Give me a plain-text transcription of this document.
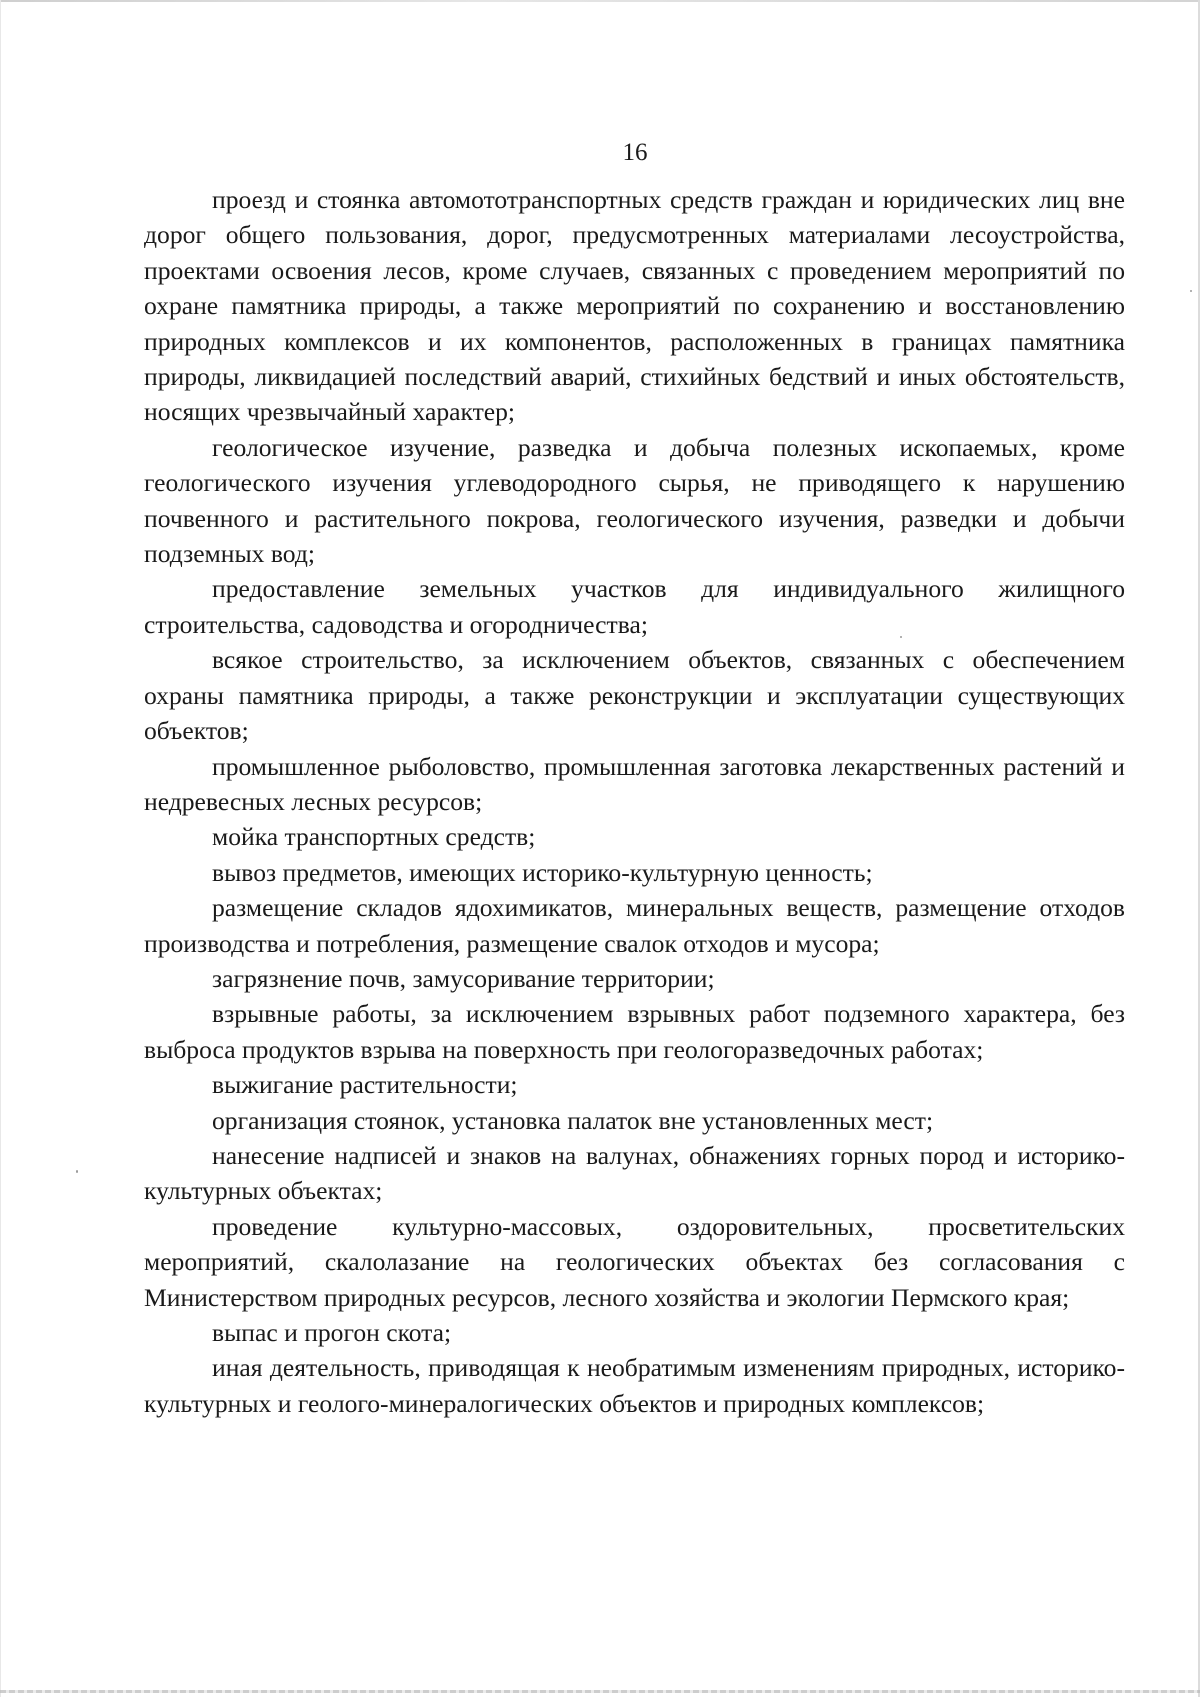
16

проезд и стоянка автомототранспортных средств граждан и юридических лиц вне дорог общего пользования, дорог, предусмотренных материалами лесоустройства, проектами освоения лесов, кроме случаев, связанных с проведением мероприятий по охране памятника природы, а также мероприятий по сохранению и восстановлению природных комплексов и их компонентов, расположенных в границах памятника природы, ликвидацией последствий аварий, стихийных бедствий и иных обстоятельств, носящих чрезвычайный характер;

геологическое изучение, разведка и добыча полезных ископаемых, кроме геологического изучения углеводородного сырья, не приводящего к нарушению почвенного и растительного покрова, геологического изучения, разведки и добычи подземных вод;

предоставление земельных участков для индивидуального жилищного строительства, садоводства и огородничества;

всякое строительство, за исключением объектов, связанных с обеспечением охраны памятника природы, а также реконструкции и эксплуатации существующих объектов;

промышленное рыболовство, промышленная заготовка лекарственных растений и недревесных лесных ресурсов;

мойка транспортных средств;

вывоз предметов, имеющих историко-культурную ценность;

размещение складов ядохимикатов, минеральных веществ, размещение отходов производства и потребления, размещение свалок отходов и мусора;

загрязнение почв, замусоривание территории;

взрывные работы, за исключением взрывных работ подземного характера, без выброса продуктов взрыва на поверхность при геологоразведочных работах;

выжигание растительности;

организация стоянок, установка палаток вне установленных мест;

нанесение надписей и знаков на валунах, обнажениях горных пород и историко-культурных объектах;

проведение культурно-массовых, оздоровительных, просветительских мероприятий, скалолазание на геологических объектах без согласования с Министерством природных ресурсов, лесного хозяйства и экологии Пермского края;

выпас и прогон скота;

иная деятельность, приводящая к необратимым изменениям природных, историко-культурных и геолого-минералогических объектов и природных комплексов;
